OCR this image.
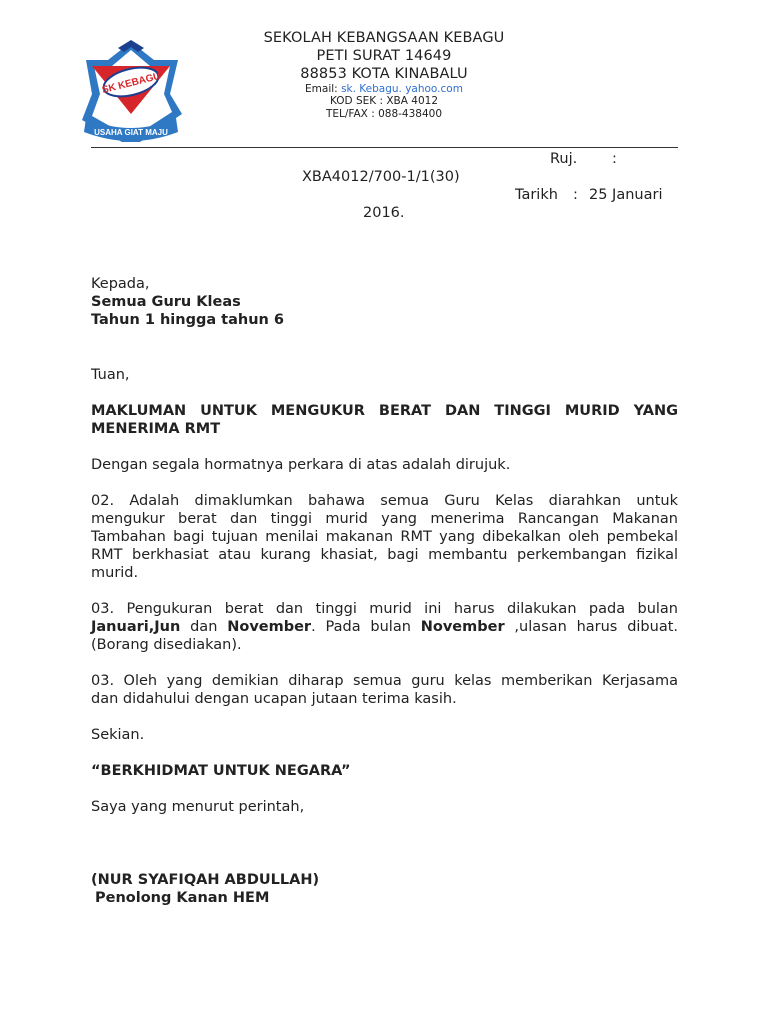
SK KEBAGU
USAHA GIAT MAJU
SEKOLAH KEBANGSAAN KEBAGU
PETI SURAT 14649
88853 KOTA KINABALU
Email: sk. Kebagu. yahoo.com
KOD SEK : XBA 4012
TEL/FAX : 088-438400
Ruj. :
XBA4012/700-1/1(30)
Tarikh : 25 Januari
2016.
Kepada,
Semua Guru Kleas
Tahun 1 hingga tahun 6
Tuan,
MAKLUMAN UNTUK MENGUKUR BERAT DAN TINGGI MURID YANG
MENERIMA RMT
Dengan segala hormatnya perkara di atas adalah dirujuk.
02. Adalah dimaklumkan bahawa semua Guru Kelas diarahkan untuk
mengukur berat dan tinggi murid yang menerima Rancangan Makanan
Tambahan bagi tujuan menilai makanan RMT yang dibekalkan oleh pembekal
RMT berkhasiat atau kurang khasiat, bagi membantu perkembangan fizikal
murid.
03. Pengukuran berat dan tinggi murid ini harus dilakukan pada bulan
Januari,Jun dan November. Pada bulan November ,ulasan harus dibuat.
(Borang disediakan).
03. Oleh yang demikian diharap semua guru kelas memberikan Kerjasama
dan didahului dengan ucapan jutaan terima kasih.
Sekian.
“BERKHIDMAT UNTUK NEGARA”
Saya yang menurut perintah,
(NUR SYAFIQAH ABDULLAH)
Penolong Kanan HEM
